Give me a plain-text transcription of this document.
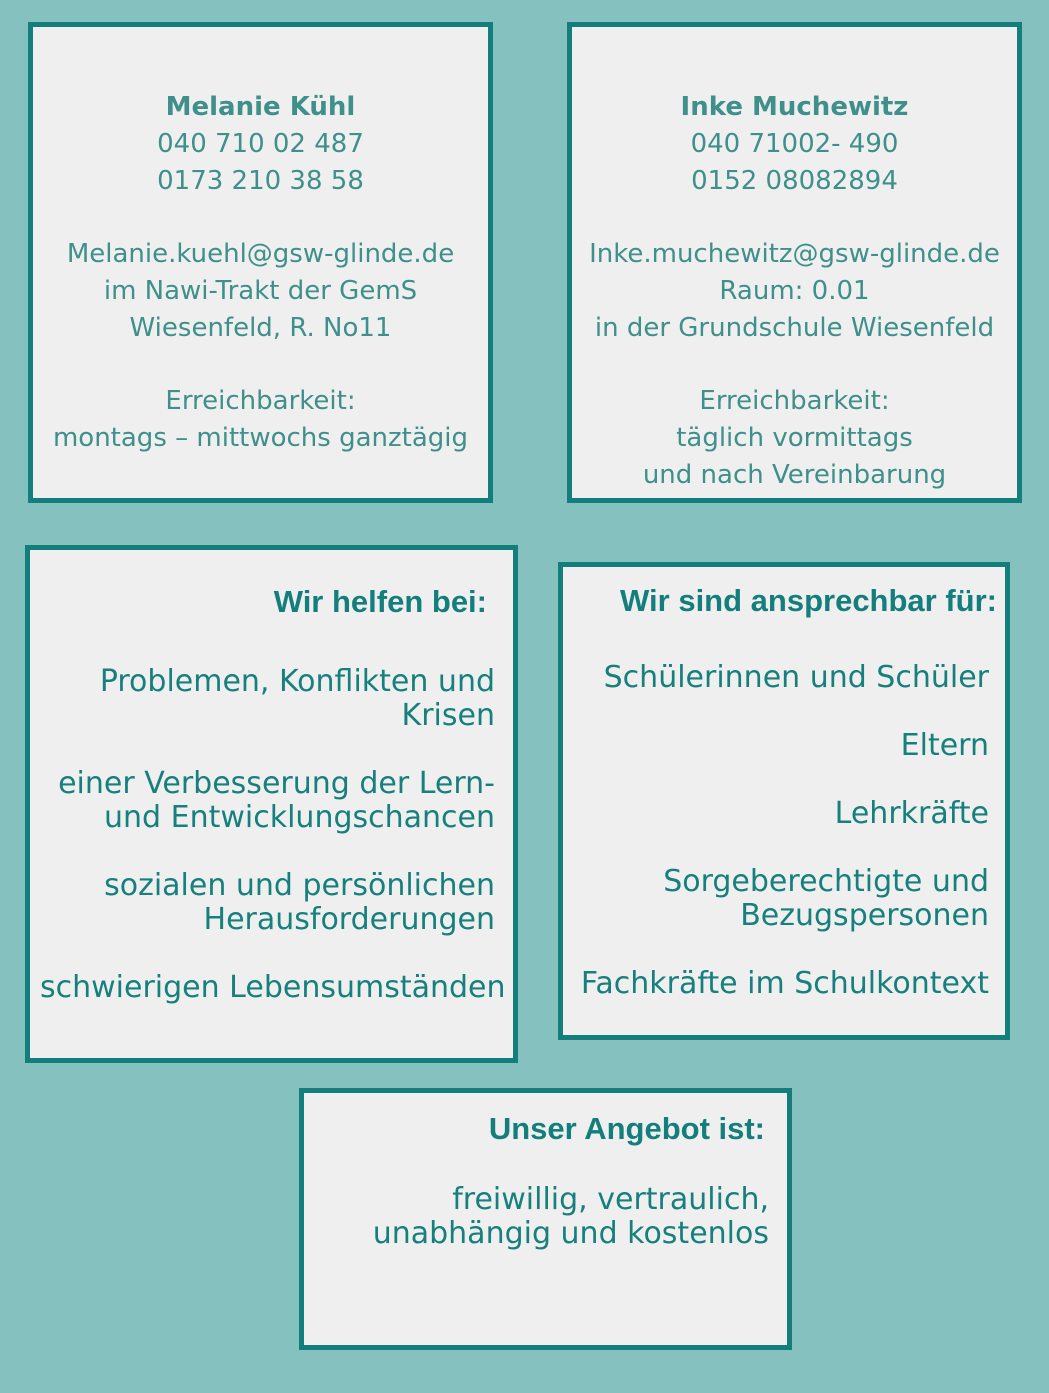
Melanie Kühl
040 710 02 487
0173 210 38 58
Melanie.kuehl@gsw-glinde.de
im Nawi-Trakt der GemS
Wiesenfeld, R. No11
Erreichbarkeit:
montags – mittwochs ganztägig
Inke Muchewitz
040 71002- 490
0152 08082894
Inke.muchewitz@gsw-glinde.de
Raum: 0.01
in der Grundschule Wiesenfeld
Erreichbarkeit:
täglich vormittags
und nach Vereinbarung
Wir helfen bei:
Problemen, Konflikten und
Krisen
einer Verbesserung der Lern-
und Entwicklungschancen
sozialen und persönlichen
Herausforderungen
schwierigen Lebensumständen
Wir sind ansprechbar für:
Schülerinnen und Schüler
Eltern
Lehrkräfte
Sorgeberechtigte und
Bezugspersonen
Fachkräfte im Schulkontext
Unser Angebot ist:
freiwillig, vertraulich,
unabhängig und kostenlos
